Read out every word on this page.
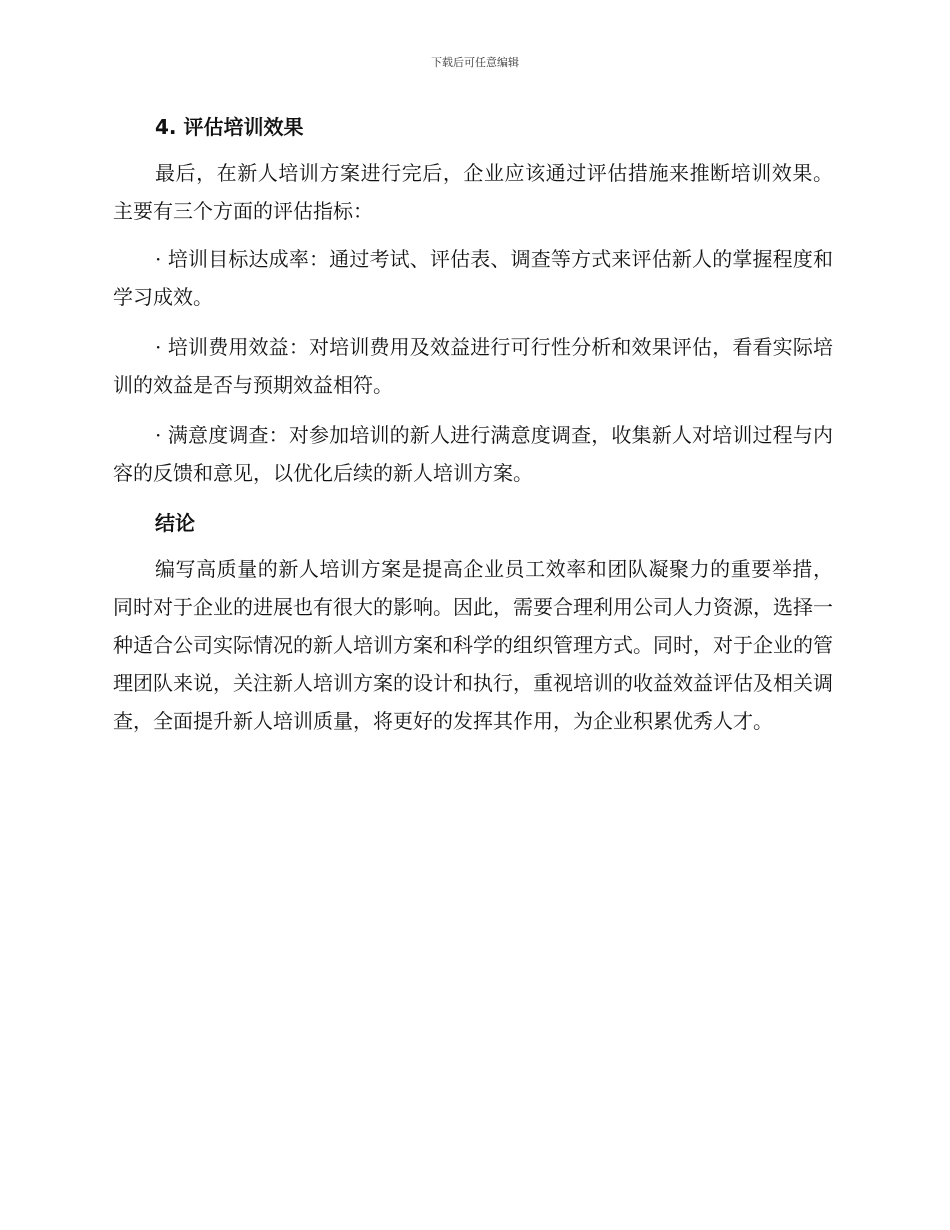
下载后可任意编辑
4. 评估培训效果

最后，在新人培训方案进行完后，企业应该通过评估措施来推断培训效果。主要有三个方面的评估指标：

· 培训目标达成率：通过考试、评估表、调查等方式来评估新人的掌握程度和学习成效。

· 培训费用效益：对培训费用及效益进行可行性分析和效果评估，看看实际培训的效益是否与预期效益相符。

· 满意度调查：对参加培训的新人进行满意度调查，收集新人对培训过程与内容的反馈和意见，以优化后续的新人培训方案。

结论

编写高质量的新人培训方案是提高企业员工效率和团队凝聚力的重要举措，同时对于企业的进展也有很大的影响。因此，需要合理利用公司人力资源，选择一种适合公司实际情况的新人培训方案和科学的组织管理方式。同时，对于企业的管理团队来说，关注新人培训方案的设计和执行，重视培训的收益效益评估及相关调查，全面提升新人培训质量，将更好的发挥其作用，为企业积累优秀人才。
